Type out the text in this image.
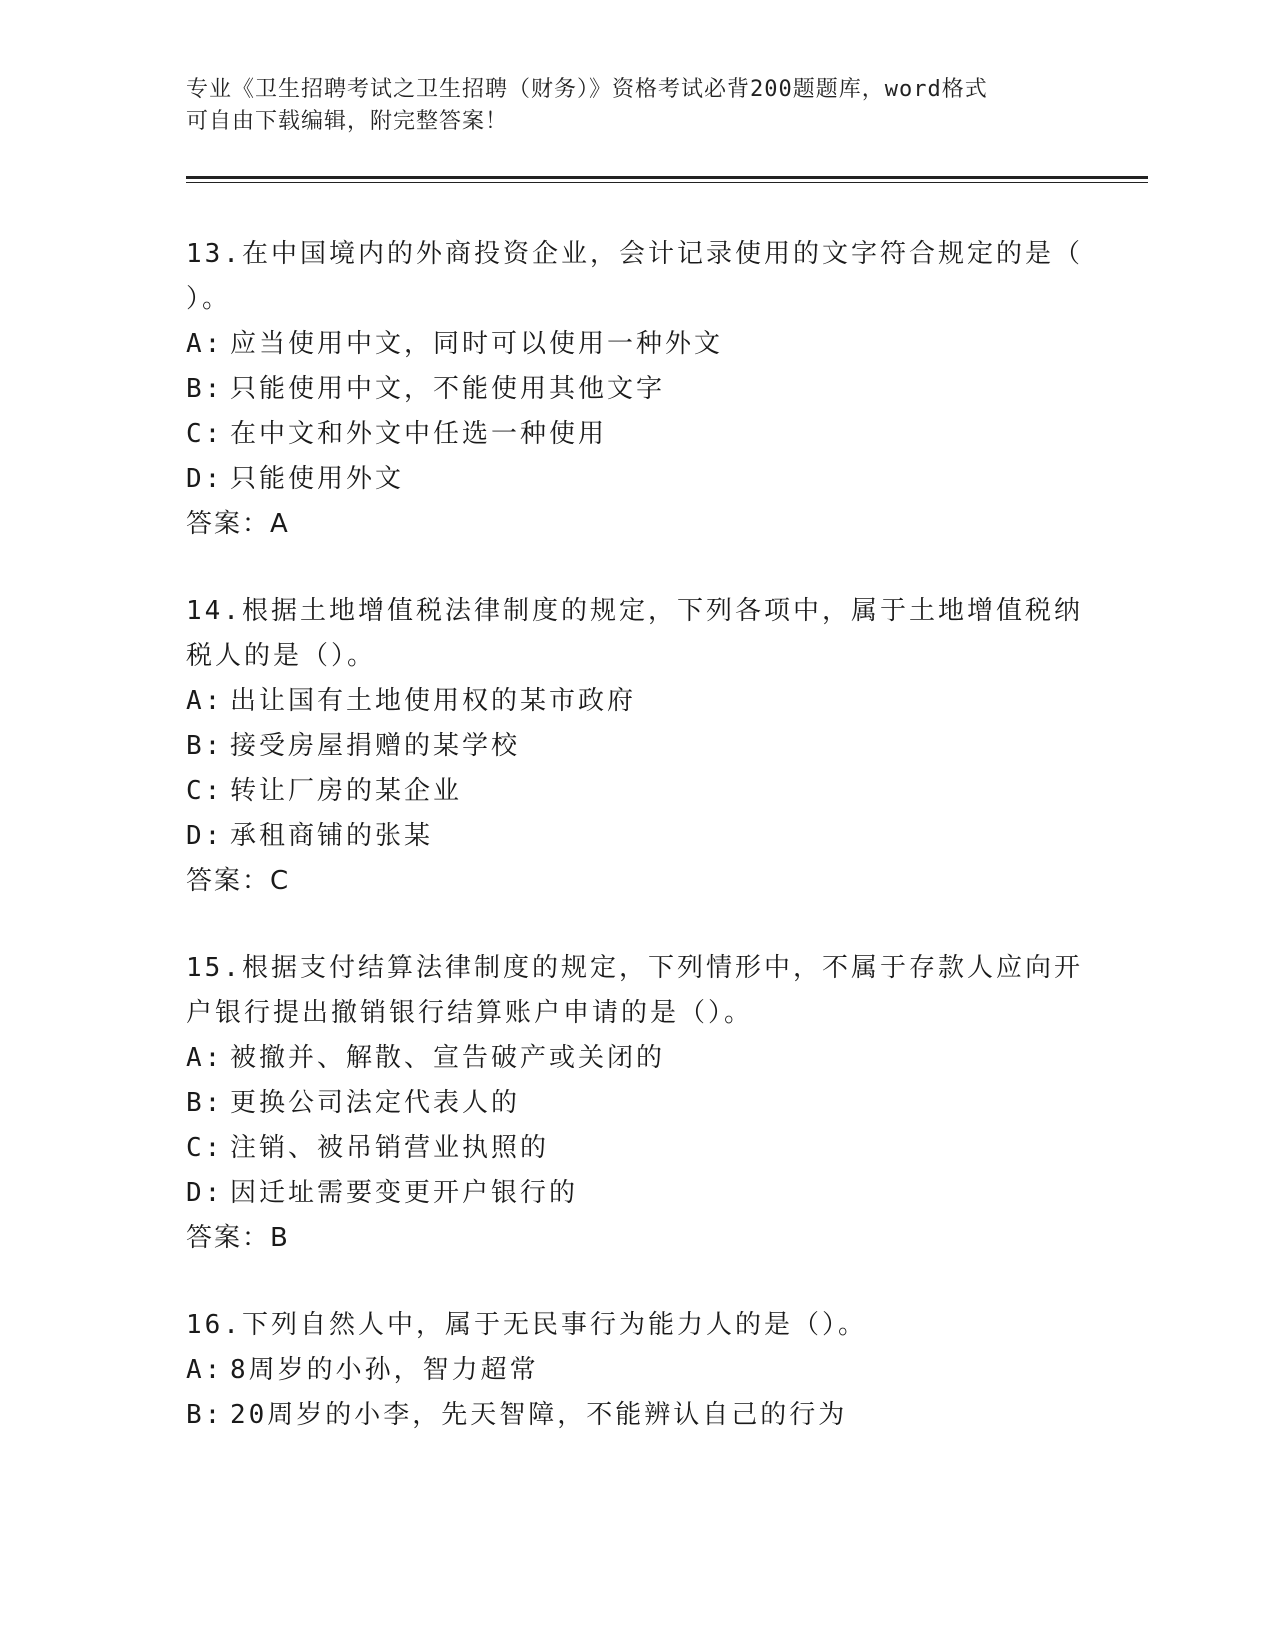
专业《卫生招聘考试之卫生招聘（财务）》资格考试必背200题题库，word格式
可自由下载编辑，附完整答案！

13.在中国境内的外商投资企业，会计记录使用的文字符合规定的是（
）。

A: 应当使用中文，同时可以使用一种外文

B: 只能使用中文，不能使用其他文字

C: 在中文和外文中任选一种使用

D: 只能使用外文

答案：A

14.根据土地增值税法律制度的规定，下列各项中，属于土地增值税纳
税人的是（）。

A: 出让国有土地使用权的某市政府

B: 接受房屋捐赠的某学校

C: 转让厂房的某企业

D: 承租商铺的张某

答案：C

15.根据支付结算法律制度的规定，下列情形中，不属于存款人应向开
户银行提出撤销银行结算账户申请的是（）。

A: 被撤并、解散、宣告破产或关闭的

B: 更换公司法定代表人的

C: 注销、被吊销营业执照的

D: 因迁址需要变更开户银行的

答案：B

16.下列自然人中，属于无民事行为能力人的是（）。

A: 8周岁的小孙，智力超常

B: 20周岁的小李，先天智障，不能辨认自己的行为
